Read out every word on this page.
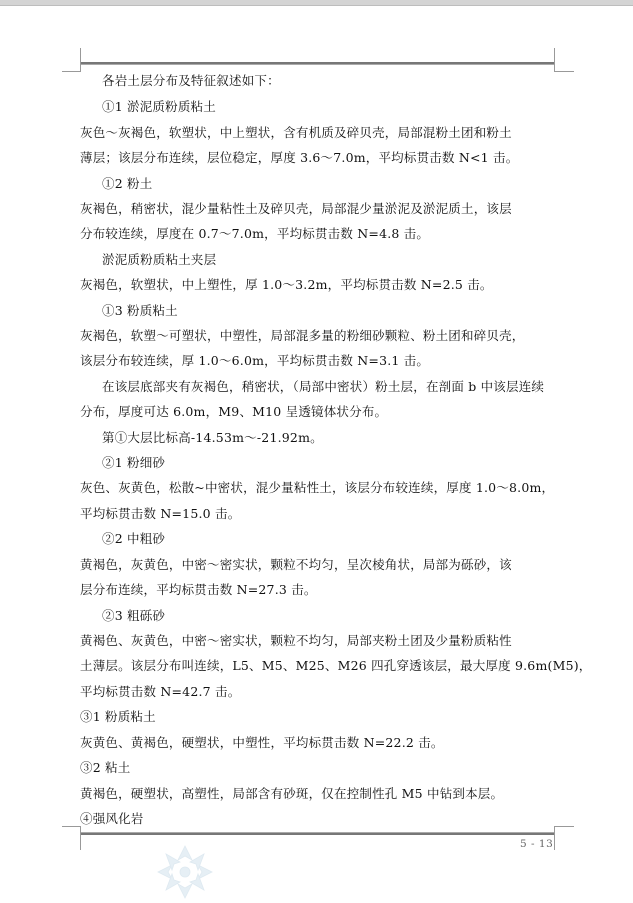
各岩土层分布及特征叙述如下：
①1 淤泥质粉质粘土
灰色～灰褐色，软塑状，中上塑状，含有机质及碎贝壳，局部混粉土团和粉土
薄层；该层分布连续，层位稳定，厚度 3.6～7.0m，平均标贯击数 N<1 击。
①2 粉土
灰褐色，稍密状，混少量粘性土及碎贝壳，局部混少量淤泥及淤泥质土，该层
分布较连续，厚度在 0.7～7.0m，平均标贯击数 N=4.8 击。
淤泥质粉质粘土夹层
灰褐色，软塑状，中上塑性，厚 1.0～3.2m，平均标贯击数 N=2.5 击。
①3 粉质粘土
灰褐色，软塑～可塑状，中塑性，局部混多量的粉细砂颗粒、粉土团和碎贝壳，
该层分布较连续，厚 1.0～6.0m，平均标贯击数 N=3.1 击。
在该层底部夹有灰褐色，稍密状，（局部中密状）粉土层，在剖面 b 中该层连续
分布，厚度可达 6.0m，M9、M10 呈透镜体状分布。
第①大层比标高-14.53m～-21.92m。
②1 粉细砂
灰色、灰黄色，松散~中密状，混少量粘性土，该层分布较连续，厚度 1.0～8.0m，
平均标贯击数 N=15.0 击。
②2 中粗砂
黄褐色，灰黄色，中密～密实状，颗粒不均匀，呈次棱角状，局部为砾砂，该
层分布连续，平均标贯击数 N=27.3 击。
②3 粗砾砂
黄褐色、灰黄色，中密～密实状，颗粒不均匀，局部夹粉土团及少量粉质粘性
土薄层。该层分布叫连续，L5、M5、M25、M26 四孔穿透该层，最大厚度 9.6m(M5)，
平均标贯击数 N=42.7 击。
③1 粉质粘土
灰黄色、黄褐色，硬塑状，中塑性，平均标贯击数 N=22.2 击。
③2 粘土
黄褐色，硬塑状，高塑性，局部含有砂斑，仅在控制性孔 M5 中钻到本层。
④强风化岩
5 - 13
